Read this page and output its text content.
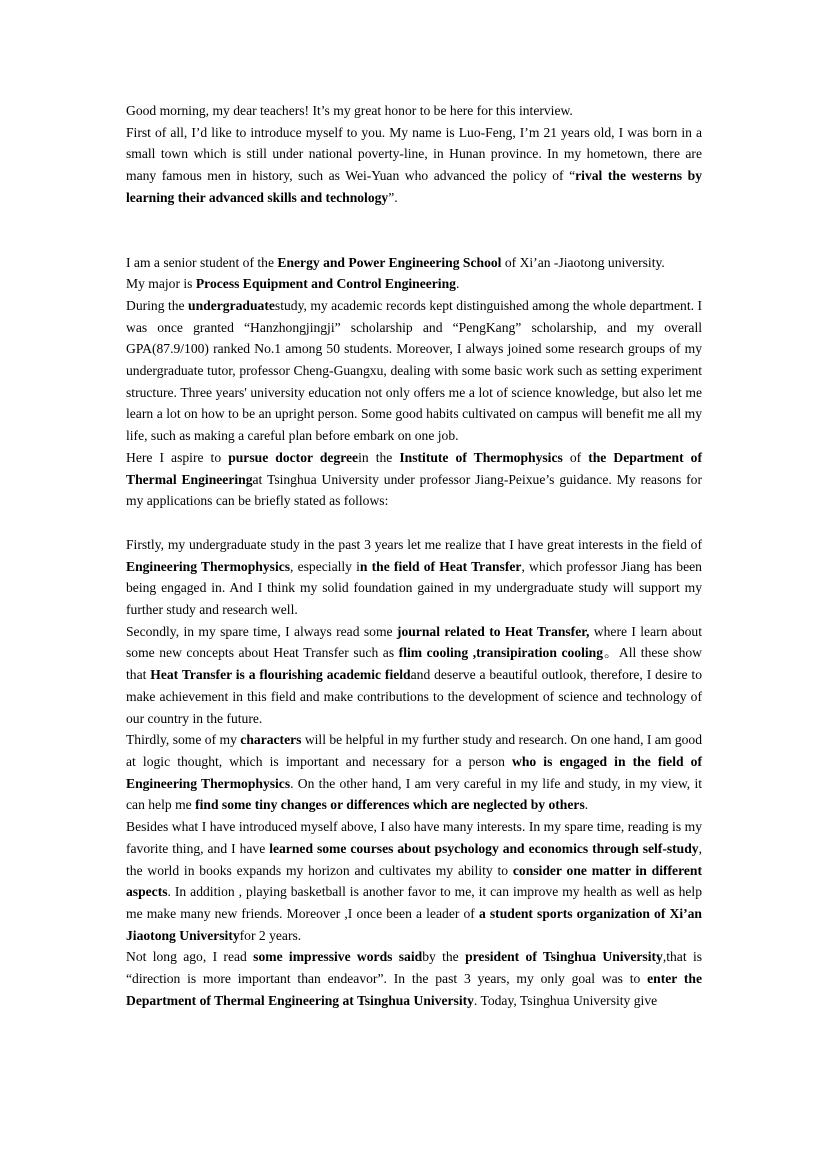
Good morning, my dear teachers! It’s my great honor to be here for this interview.

First of all, I’d like to introduce myself to you. My name is Luo-Feng, I’m 21 years old, I was born in a small town which is still under national poverty-line, in Hunan province. In my hometown, there are many famous men in history, such as Wei-Yuan who advanced the policy of “rival the westerns by learning their advanced skills and technology”.

I am a senior student of the Energy and Power Engineering School of Xi’an -Jiaotong university.

My major is Process Equipment and Control Engineering.

During the undergraduatestudy, my academic records kept distinguished among the whole department. I was once granted “Hanzhongjingji” scholarship and “PengKang” scholarship, and my overall GPA(87.9/100) ranked No.1 among 50 students. Moreover, I always joined some research groups of my undergraduate tutor, professor Cheng-Guangxu, dealing with some basic work such as setting experiment structure. Three years' university education not only offers me a lot of science knowledge, but also let me learn a lot on how to be an upright person. Some good habits cultivated on campus will benefit me all my life, such as making a careful plan before embark on one job.

Here I aspire to pursue doctor degreein the Institute of Thermophysics of the Department of Thermal Engineeringat Tsinghua University under professor Jiang-Peixue’s guidance. My reasons for my applications can be briefly stated as follows:

Firstly, my undergraduate study in the past 3 years let me realize that I have great interests in the field of Engineering Thermophysics, especially in the field of Heat Transfer, which professor Jiang has been being engaged in. And I think my solid foundation gained in my undergraduate study will support my further study and research well.

Secondly, in my spare time, I always read some journal related to Heat Transfer, where I learn about some new concepts about Heat Transfer such as flim cooling ,transipiration cooling。All these show that Heat Transfer is a flourishing academic fieldand deserve a beautiful outlook, therefore, I desire to make achievement in this field and make contributions to the development of science and technology of our country in the future.

Thirdly, some of my characters will be helpful in my further study and research. On one hand, I am good at logic thought, which is important and necessary for a person who is engaged in the field of Engineering Thermophysics. On the other hand, I am very careful in my life and study, in my view, it can help me find some tiny changes or differences which are neglected by others.

Besides what I have introduced myself above, I also have many interests. In my spare time, reading is my favorite thing, and I have learned some courses about psychology and economics through self-study, the world in books expands my horizon and cultivates my ability to consider one matter in different aspects. In addition , playing basketball is another favor to me, it can improve my health as well as help me make many new friends. Moreover ,I once been a leader of a student sports organization of Xi’an Jiaotong Universityfor 2 years.

Not long ago, I read some impressive words saidby the president of Tsinghua University,that is “direction is more important than endeavor”. In the past 3 years, my only goal was to enter the Department of Thermal Engineering at Tsinghua University. Today, Tsinghua University give
